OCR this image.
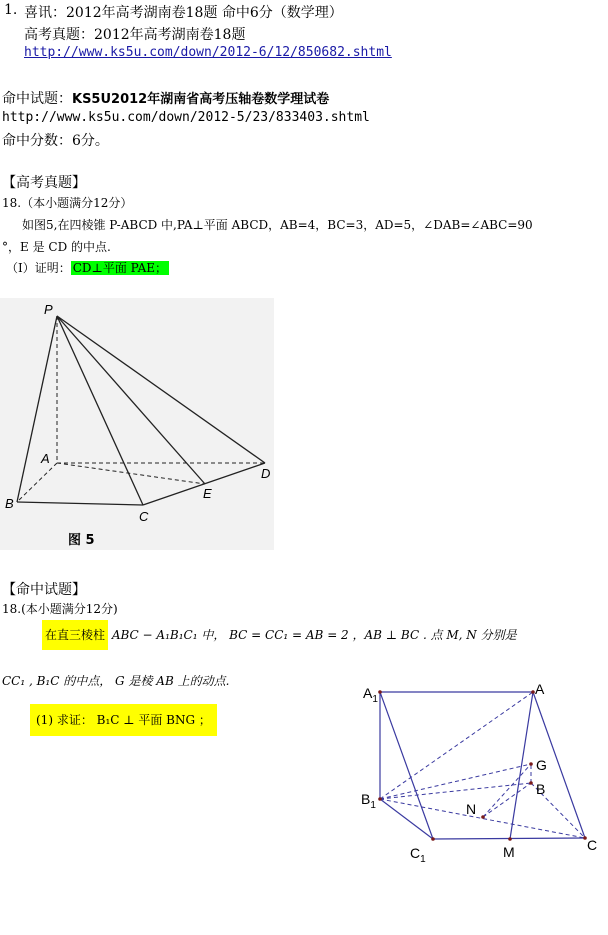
1. 喜讯：2012年高考湖南卷18题 命中6分（数学理）
高考真题：2012年高考湖南卷18题
http://www.ks5u.com/down/2012-6/12/850682.shtml
命中试题：KS5U2012年湖南省高考压轴卷数学理试卷
http://www.ks5u.com/down/2012-5/23/833403.shtml
命中分数：6分。
【高考真题】
18.（本小题满分12分）
如图5,在四棱锥 P-ABCD 中,PA⊥平面 ABCD，AB=4，BC=3，AD=5，∠DAB=∠ABC=90
°，E 是 CD 的中点.
（Ⅰ）证明： CD⊥平面 PAE；
P
A
B
C
D
E
图 5
【命中试题】
18.(本小题满分12分)
在直三棱柱 ABC − A₁B₁C₁ 中， BC = CC₁ = AB = 2 ，AB ⊥ BC . 点 M, N 分别是
CC₁ , B₁C 的中点， G 是棱 AB 上的动点.
(1) 求证： B₁C ⊥ 平面 BNG ；
$A_1$
A
G
$B_1$
B
N
$C_1$	M	C
